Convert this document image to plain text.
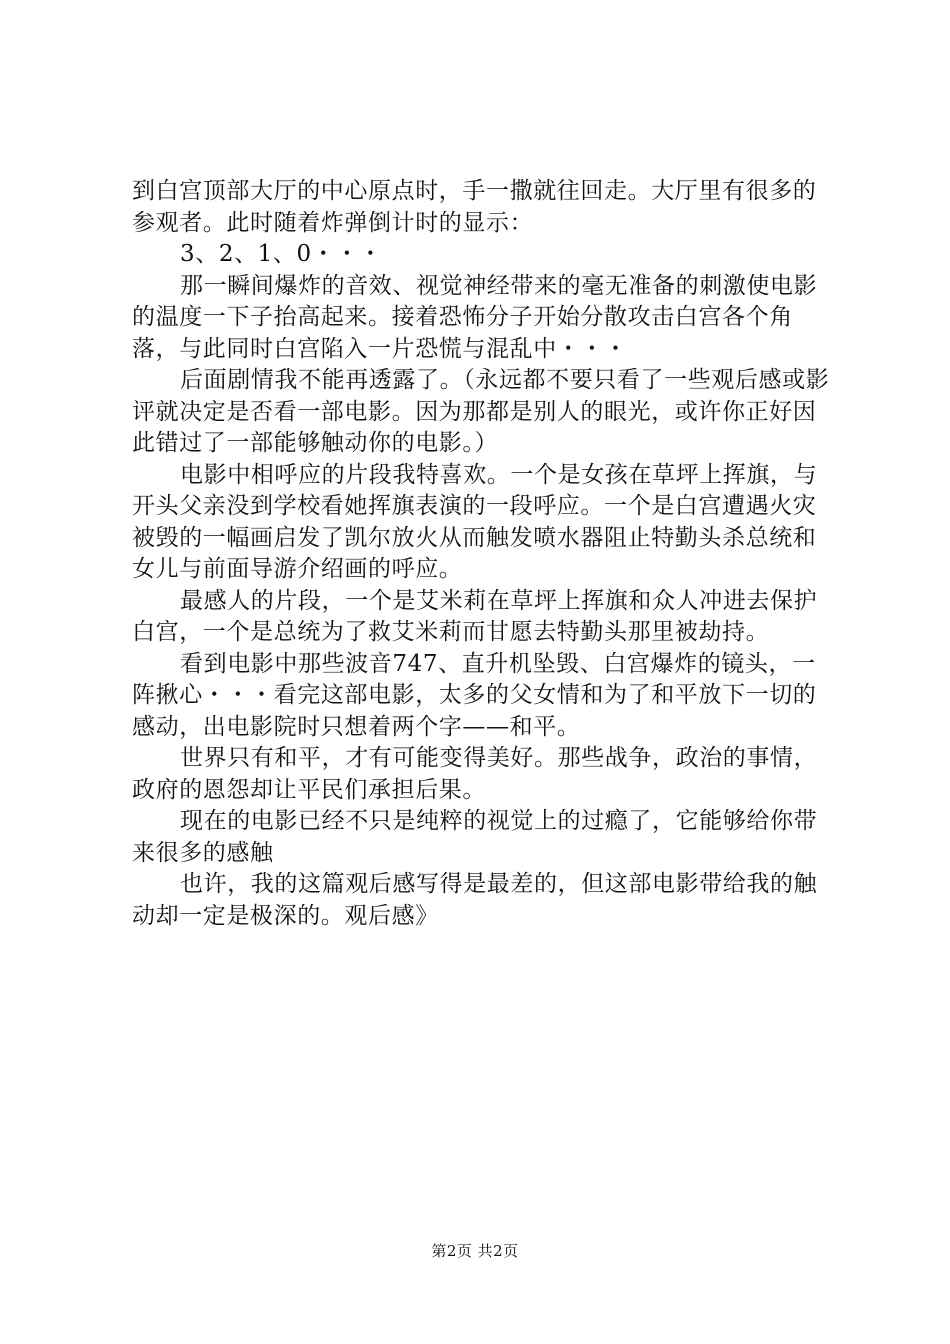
到白宫顶部大厅的中心原点时，手一撒就往回走。大厅里有很多的参观者。此时随着炸弹倒计时的显示：

3、2、1、0・・・

那一瞬间爆炸的音效、视觉神经带来的毫无准备的刺激使电影的温度一下子抬高起来。接着恐怖分子开始分散攻击白宫各个角落，与此同时白宫陷入一片恐慌与混乱中・・・

后面剧情我不能再透露了。（永远都不要只看了一些观后感或影评就决定是否看一部电影。因为那都是别人的眼光，或许你正好因此错过了一部能够触动你的电影。）

电影中相呼应的片段我特喜欢。一个是女孩在草坪上挥旗，与开头父亲没到学校看她挥旗表演的一段呼应。一个是白宫遭遇火灾被毁的一幅画启发了凯尔放火从而触发喷水器阻止特勤头杀总统和女儿与前面导游介绍画的呼应。

最感人的片段，一个是艾米莉在草坪上挥旗和众人冲进去保护白宫，一个是总统为了救艾米莉而甘愿去特勤头那里被劫持。

看到电影中那些波音747、直升机坠毁、白宫爆炸的镜头，一阵揪心・・・看完这部电影，太多的父女情和为了和平放下一切的感动，出电影院时只想着两个字——和平。

世界只有和平，才有可能变得美好。那些战争，政治的事情，政府的恩怨却让平民们承担后果。

现在的电影已经不只是纯粹的视觉上的过瘾了，它能够给你带来很多的感触

也许，我的这篇观后感写得是最差的，但这部电影带给我的触动却一定是极深的。观后感》

第2页 共2页
